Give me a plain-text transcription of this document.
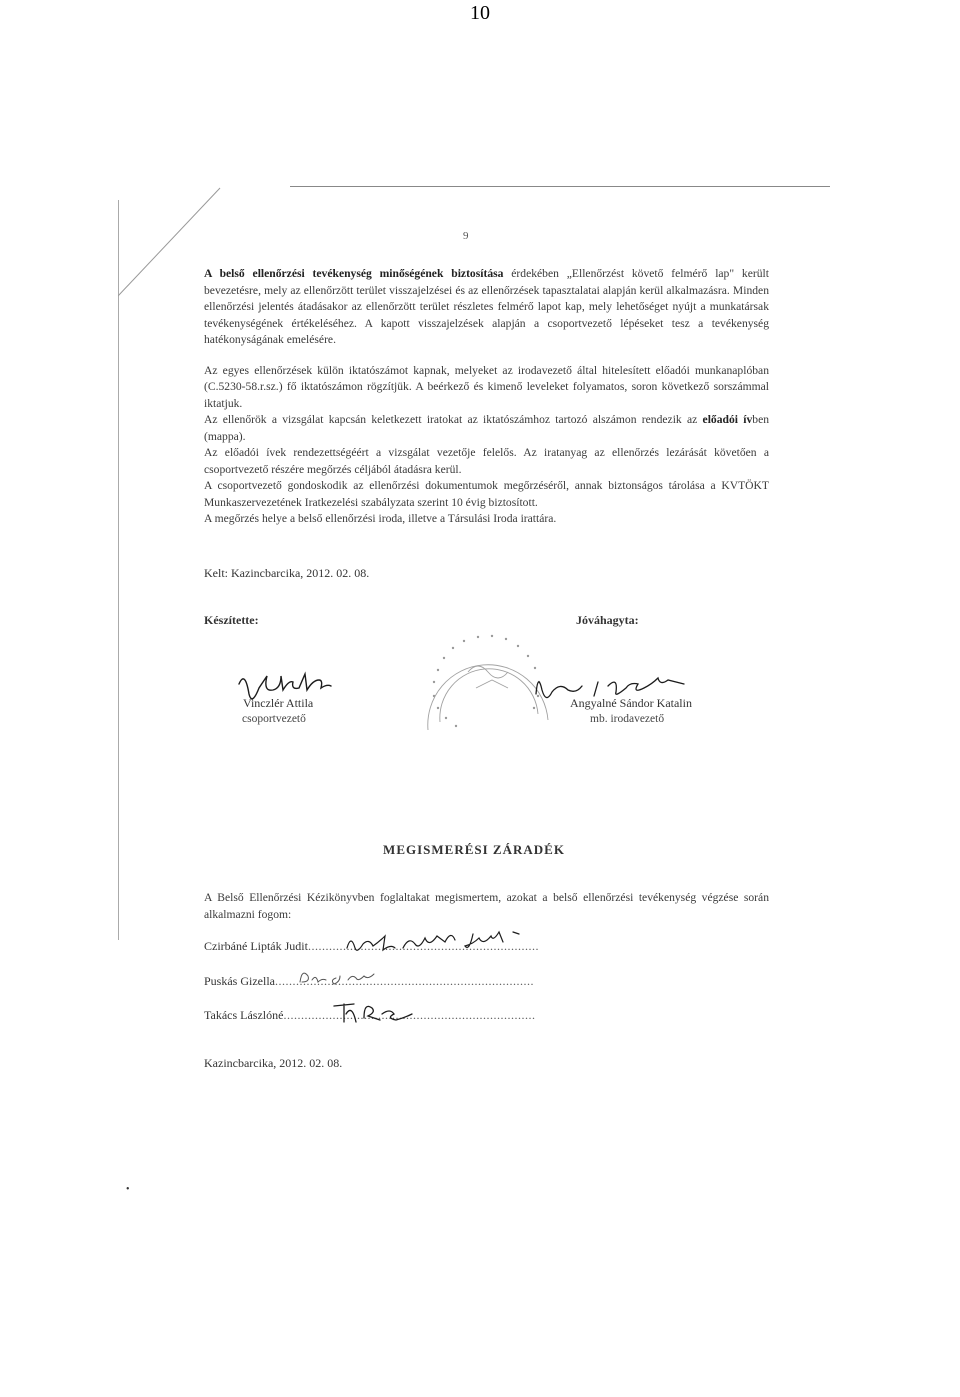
10
9

A belső ellenőrzési tevékenység minőségének biztosítása érdekében „Ellenőrzést követő felmérő lap" került bevezetésre, mely az ellenőrzött terület visszajelzései és az ellenőrzések tapasztalatai alapján kerül alkalmazásra. Minden ellenőrzési jelentés átadásakor az ellenőrzött terület részletes felmérő lapot kap, mely lehetőséget nyújt a munkatársak tevékenységének értékeléséhez. A kapott visszajelzések alapján a csoportvezető lépéseket tesz a tevékenység hatékonyságának emelésére.

Az egyes ellenőrzések külön iktatószámot kapnak, melyeket az irodavezető által hitelesített előadói munkanaplóban (C.5230-58.r.sz.) fő iktatószámon rögzítjük. A beérkező és kimenő leveleket folyamatos, soron következő sorszámmal iktatjuk.

Az ellenőrök a vizsgálat kapcsán keletkezett iratokat az iktatószámhoz tartozó alszámon rendezik az előadói ívben (mappa).

Az előadói ívek rendezettségéért a vizsgálat vezetője felelős. Az iratanyag az ellenőrzés lezárását követően a csoportvezető részére megőrzés céljából átadásra kerül.

A csoportvezető gondoskodik az ellenőrzési dokumentumok megőrzéséről, annak biztonságos tárolása a KVTÖKT Munkaszervezetének Iratkezelési szabályzata szerint 10 évig biztosított.

A megőrzés helye a belső ellenőrzési iroda, illetve a Társulási Iroda irattára.

Kelt: Kazincbarcika, 2012. 02. 08.
Készítette:	Jóváhagyta:
Vinczlér Attila
csoportvezető
Angyalné Sándor Katalin
mb. irodavezető
MEGISMERÉSI ZÁRADÉK
A Belső Ellenőrzési Kézikönyvben foglaltakat megismertem, azokat a belső ellenőrzési tevékenység végzése során alkalmazni fogom:
Czirbáné Lipták Judit..................................................................
Puskás Gizella..........................................................................
Takács Lászlóné........................................................................
Kazincbarcika, 2012. 02. 08.
•
